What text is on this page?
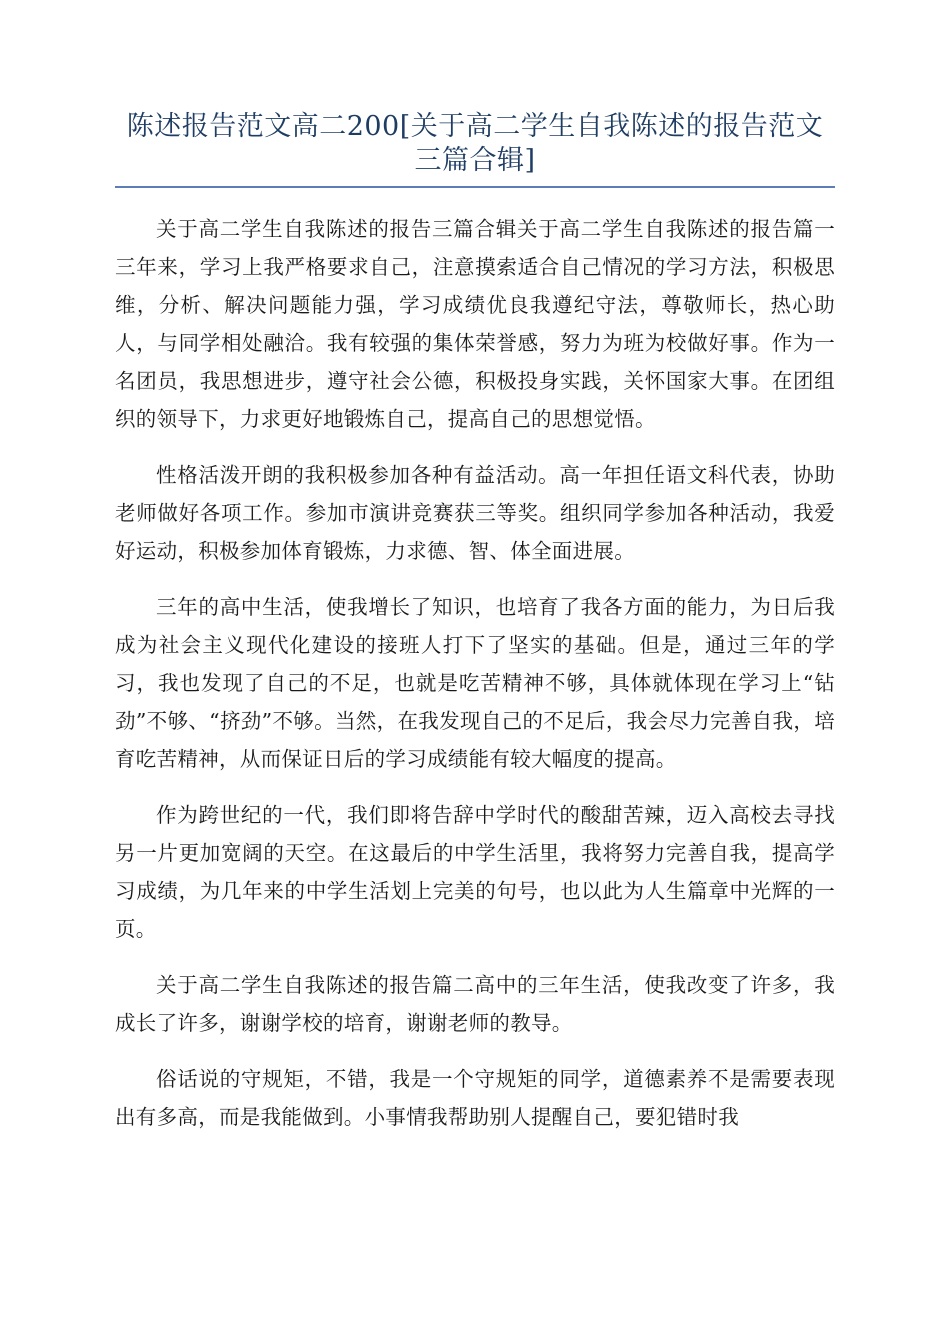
陈述报告范文高二200[关于高二学生自我陈述的报告范文三篇合辑]

关于高二学生自我陈述的报告三篇合辑关于高二学生自我陈述的报告篇一三年来，学习上我严格要求自己，注意摸索适合自己情况的学习方法，积极思维，分析、解决问题能力强，学习成绩优良我遵纪守法，尊敬师长，热心助人，与同学相处融洽。我有较强的集体荣誉感，努力为班为校做好事。作为一名团员，我思想进步，遵守社会公德，积极投身实践，关怀国家大事。在团组织的领导下，力求更好地锻炼自己，提高自己的思想觉悟。

性格活泼开朗的我积极参加各种有益活动。高一年担任语文科代表，协助老师做好各项工作。参加市演讲竞赛获三等奖。组织同学参加各种活动，我爱好运动，积极参加体育锻炼，力求德、智、体全面进展。

三年的高中生活，使我增长了知识，也培育了我各方面的能力，为日后我成为社会主义现代化建设的接班人打下了坚实的基础。但是，通过三年的学习，我也发现了自己的不足，也就是吃苦精神不够，具体就体现在学习上“钻劲”不够、“挤劲”不够。当然，在我发现自己的不足后，我会尽力完善自我，培育吃苦精神，从而保证日后的学习成绩能有较大幅度的提高。

作为跨世纪的一代，我们即将告辞中学时代的酸甜苦辣，迈入高校去寻找另一片更加宽阔的天空。在这最后的中学生活里，我将努力完善自我，提高学习成绩，为几年来的中学生活划上完美的句号，也以此为人生篇章中光辉的一页。

关于高二学生自我陈述的报告篇二高中的三年生活，使我改变了许多，我成长了许多，谢谢学校的培育，谢谢老师的教导。

俗话说的守规矩，不错，我是一个守规矩的同学，道德素养不是需要表现出有多高，而是我能做到。小事情我帮助别人提醒自己，要犯错时我
